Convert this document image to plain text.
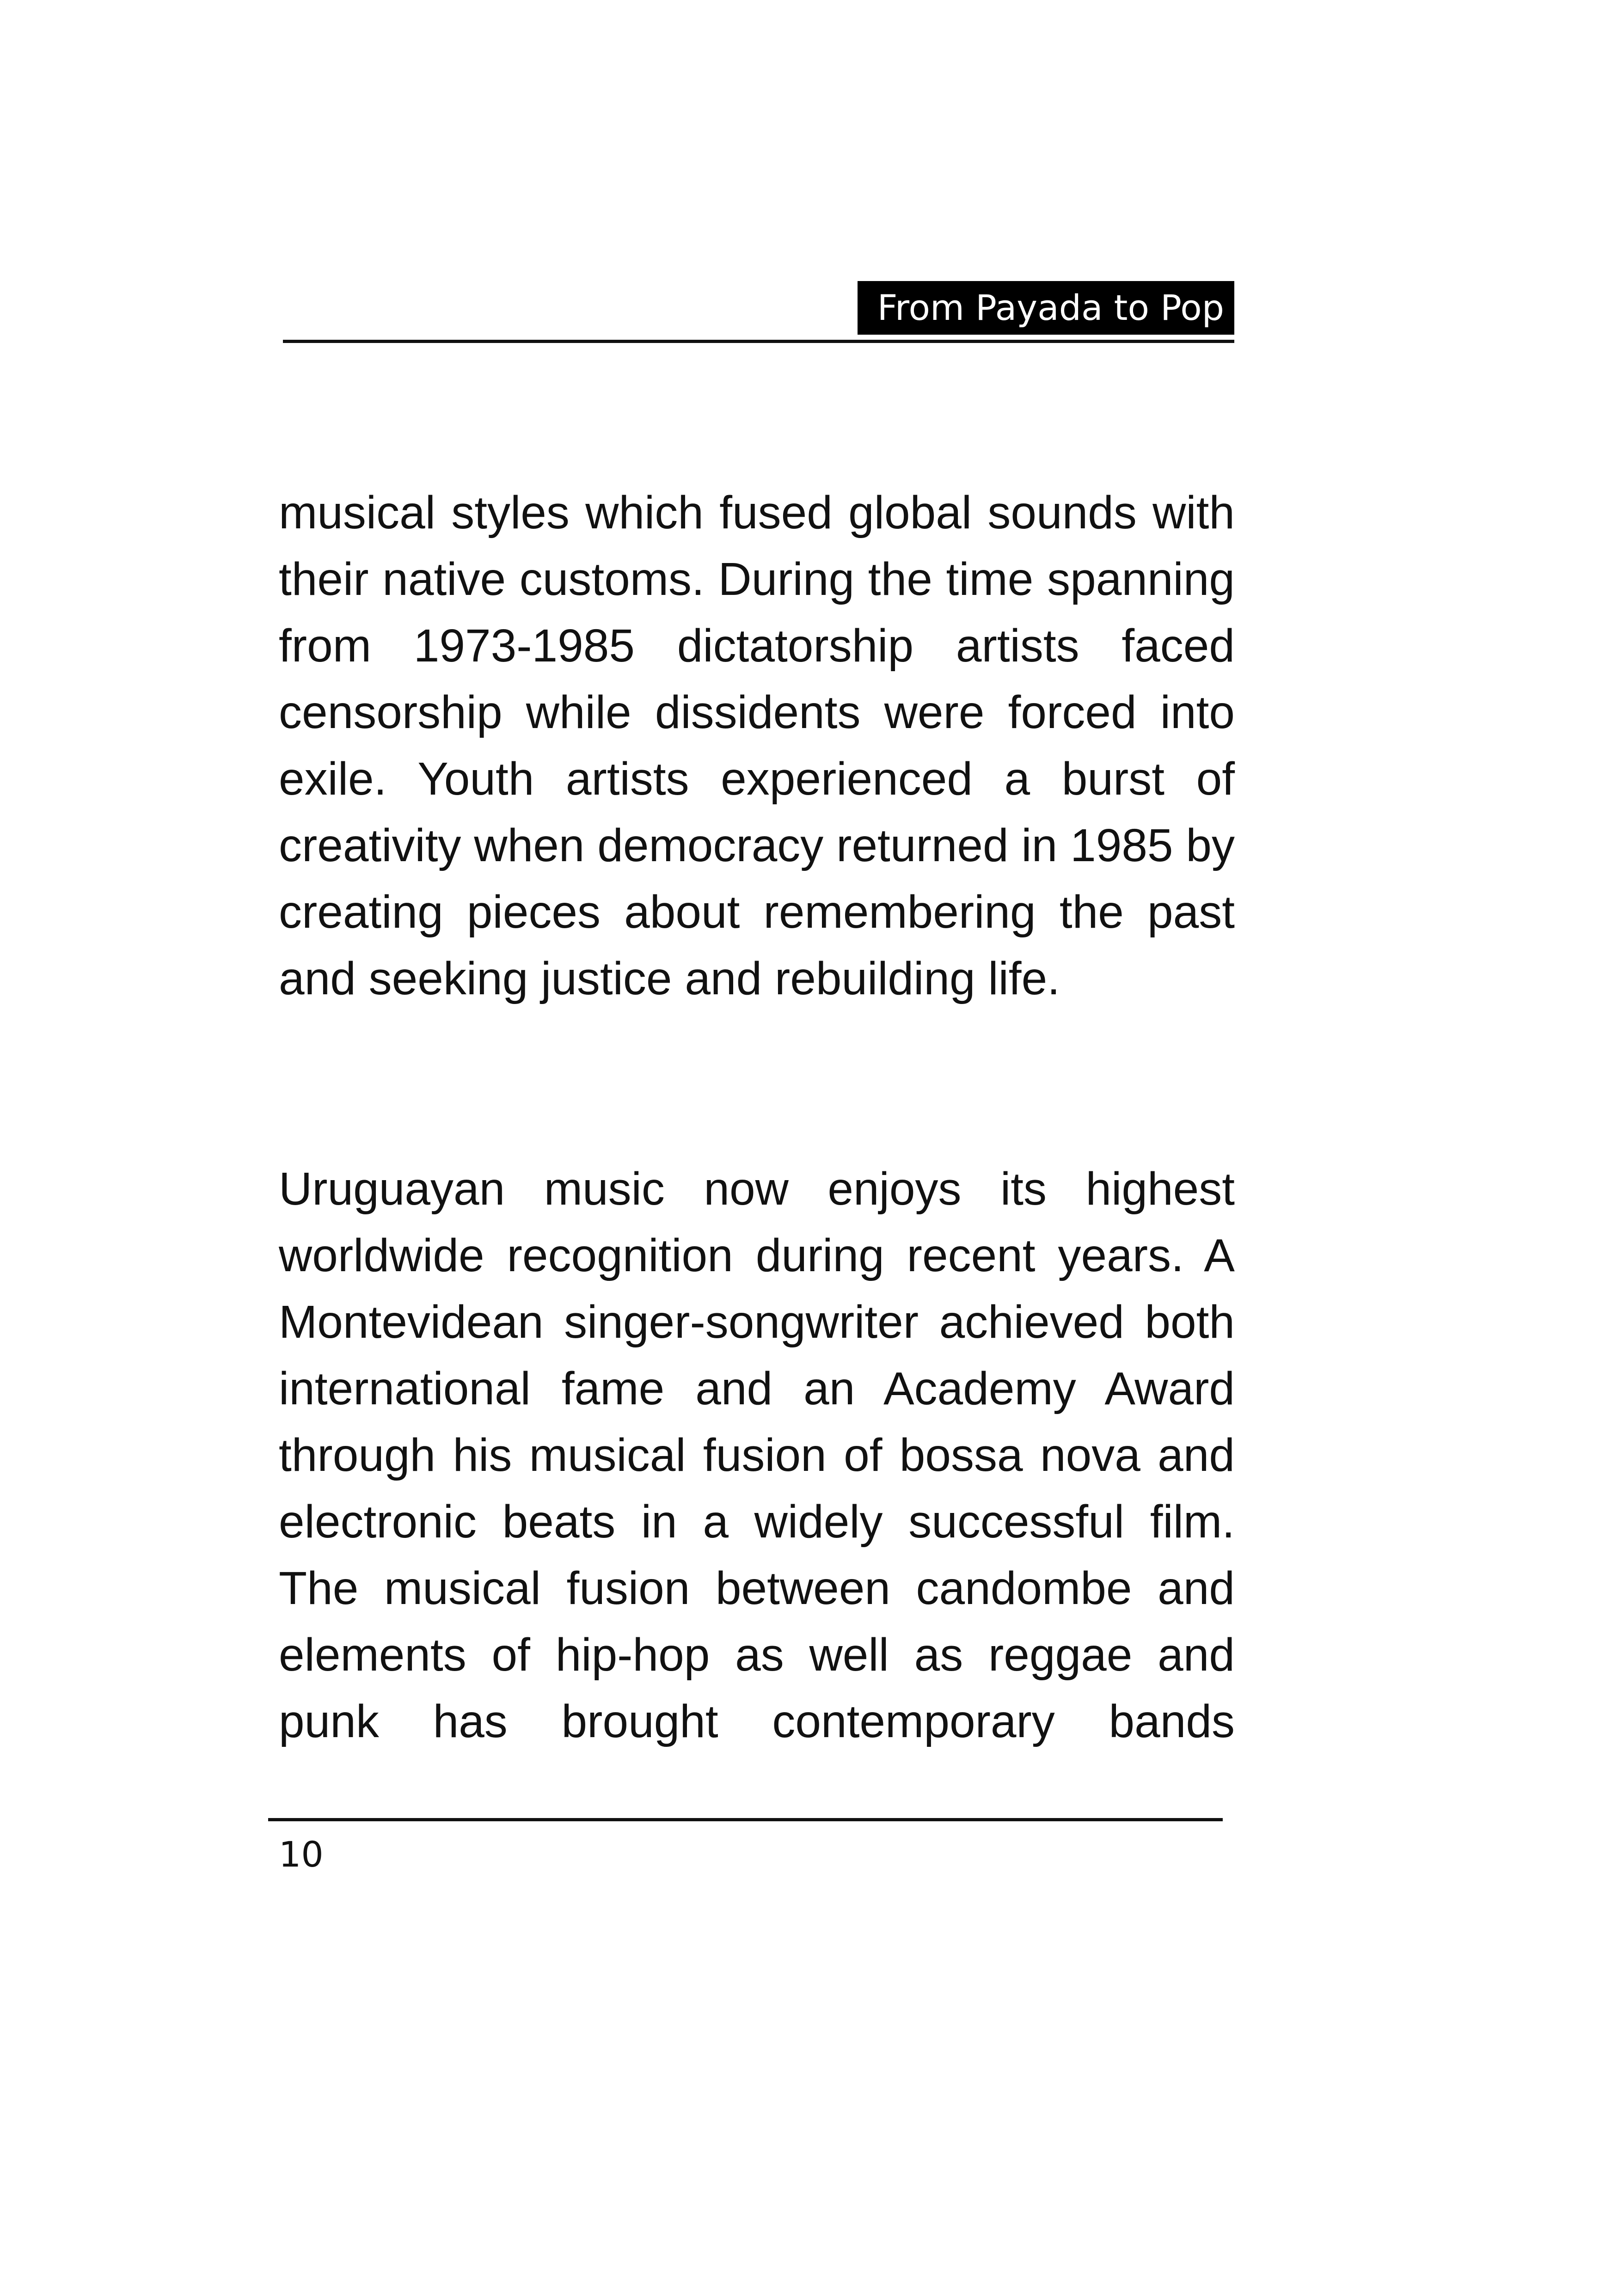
From Payada to Pop

musical styles which fused global sounds with their native customs. During the time spanning from 1973-1985 dictatorship artists faced censorship while dissidents were forced into exile. Youth artists experienced a burst of creativity when democracy returned in 1985 by creating pieces about remembering the past and seeking justice and rebuilding life.

Uruguayan music now enjoys its highest worldwide recognition during recent years. A Montevidean singer-songwriter achieved both international fame and an Academy Award through his musical fusion of bossa nova and electronic beats in a widely successful film. The musical fusion between candombe and elements of hip-hop as well as reggae and punk has brought contemporary bands

10
